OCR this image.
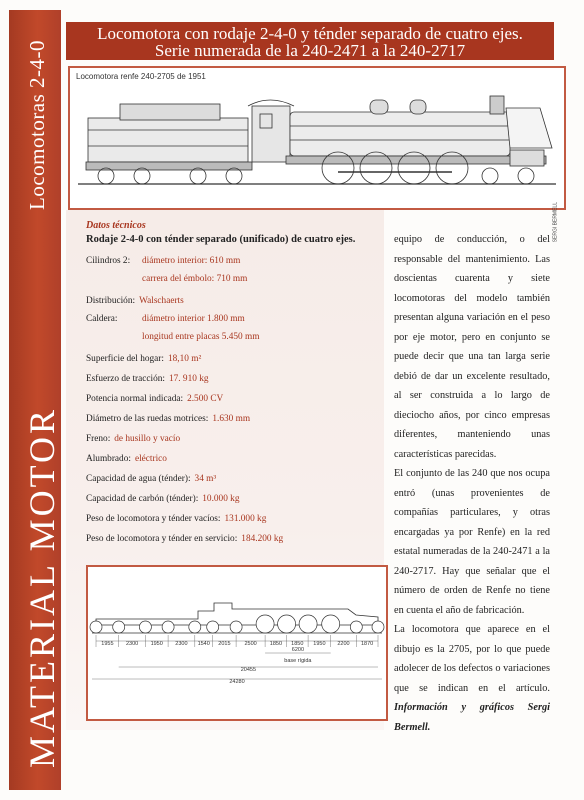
Locomotoras 2-4-0
MATERIAL MOTOR
Locomotora con rodaje 2-4-0 y ténder separado de cuatro ejes.
Serie numerada de la 240-2471 a la 240-2717
Locomotora renfe 240-2705 de 1951
SERGI BERMELL
Datos técnicos
Rodaje 2-4-0 con ténder separado (unificado) de cuatro ejes.
Cilindros 2: diámetro interior: 610 mm
carrera del émbolo: 710 mm
Distribución: Walschaerts
Caldera:	diámetro interior 1.800 mm
longitud entre placas 5.450 mm
Superficie del hogar: 18,10 m²
Esfuerzo de tracción: 17. 910 kg
Potencia normal indicada: 2.500 CV
Diámetro de las ruedas motrices: 1.630 mm
Freno: de husillo y vacío
Alumbrado: eléctrico
Capacidad de agua (ténder): 34 m³
Capacidad de carbón (ténder): 10.000 kg
Peso de locomotora y ténder vacíos: 131.000 kg
Peso de locomotora y ténder en servicio: 184.200 kg

equipo de conducción, o del responsable del mantenimiento. Las doscientas cuarenta y siete locomotoras del modelo también presentan alguna variación en el peso por eje motor, pero en conjunto se puede decir que una tan larga serie debió de dar un excelente resultado, al ser construida a lo largo de dieciocho años, por cinco empresas diferentes, manteniendo unas características parecidas.

El conjunto de las 240 que nos ocupa entró (unas provenientes de compañías particulares, y otras encargadas ya por Renfe) en la red estatal numeradas de la 240-2471 a la 240-2717. Hay que señalar que el número de orden de Renfe no tiene en cuenta el año de fabricación.

La locomotora que aparece en el dibujo es la 2705, por lo que puede adolecer de los defectos o variaciones que se indican en el artículo. Información y gráficos Sergi Bermell.

1955 2300 1950 2300 1540 2015	2500 1850 1850 1950 2200 1870
6200
base rígida
20455
24280
